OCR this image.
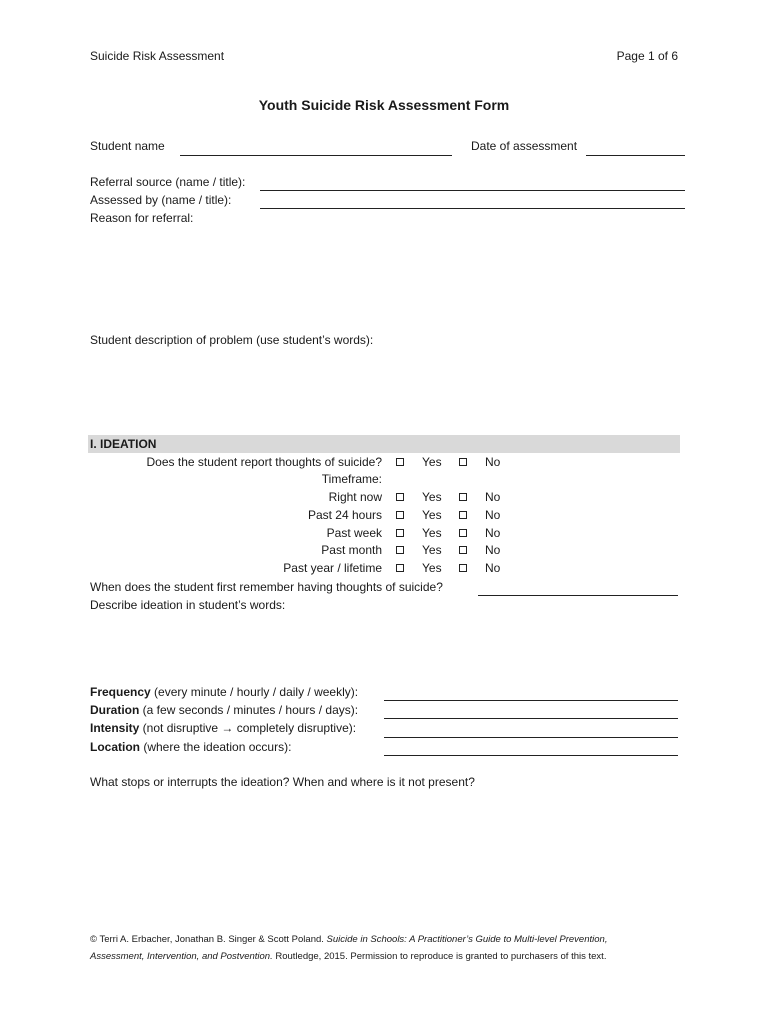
Suicide Risk Assessment	Page 1 of 6
Youth Suicide Risk Assessment Form
Student name	Date of assessment
Referral source (name / title):
Assessed by (name / title):
Reason for referral:
Student description of problem (use student’s words):
I. IDEATION
Does the student report thoughts of suicide?	Yes	No
Timeframe:
Right now	Yes	No
Past 24 hours	Yes	No
Past week	Yes	No
Past month	Yes	No
Past year / lifetime	Yes	No
When does the student first remember having thoughts of suicide?
Describe ideation in student’s words:
Frequency (every minute / hourly / daily / weekly):
Duration (a few seconds / minutes / hours / days):
Intensity (not disruptive → completely disruptive):
Location (where the ideation occurs):
What stops or interrupts the ideation? When and where is it not present?
© Terri A. Erbacher, Jonathan B. Singer & Scott Poland. Suicide in Schools: A Practitioner’s Guide to Multi-level Prevention,
Assessment, Intervention, and Postvention. Routledge, 2015. Permission to reproduce is granted to purchasers of this text.
